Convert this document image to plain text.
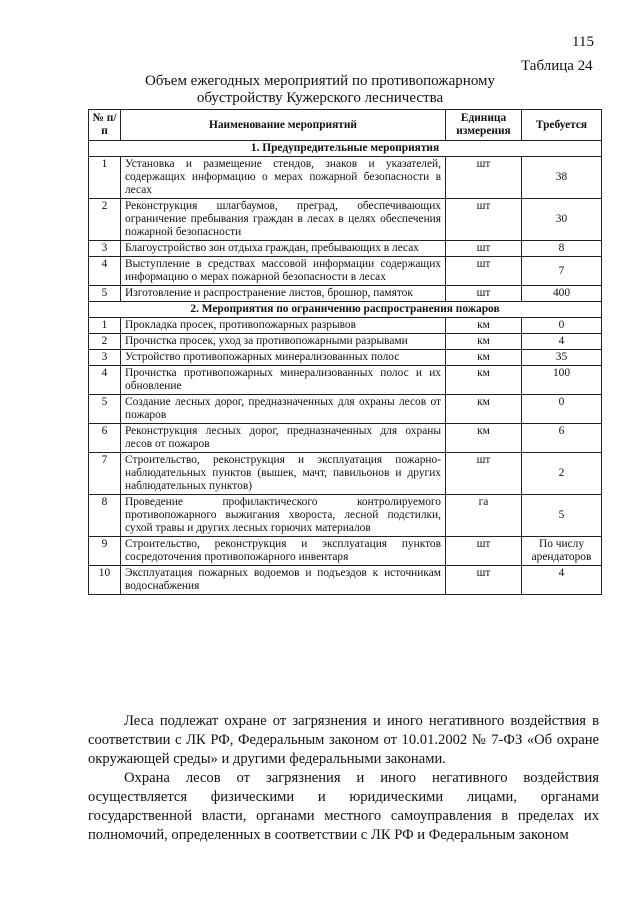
115
Таблица 24
Объем ежегодных мероприятий по противопожарному
обустройству Кужерского лесничества
№ п/п	Наименование мероприятий	Единица измерения	Требуется
1. Предупредительные мероприятия			
1	Установка и размещение стендов, знаков и указателей, содержащих информацию о мерах пожарной безопасности в лесах	шт	38
2	Реконструкция шлагбаумов, преград, обеспечивающих ограничение пребывания граждан в лесах в целях обеспечения пожарной безопасности	шт	30
3	Благоустройство зон отдыха граждан, пребывающих в лесах	шт	8
4	Выступление в средствах массовой информации содержащих информацию о мерах пожарной безопасности в лесах	шт	7
5	Изготовление и распространение листов, брошюр, памяток	шт	400
2. Мероприятия по ограничению распространения пожаров			
1	Прокладка просек, противопожарных разрывов	км	0
2	Прочистка просек, уход за противопожарными разрывами	км	4
3	Устройство противопожарных минерализованных полос	км	35
4	Прочистка противопожарных минерализованных полос и их обновление	км	100
5	Создание лесных дорог, предназначенных для охраны лесов от пожаров	км	0
6	Реконструкция лесных дорог, предназначенных для охраны лесов от пожаров	км	6
7	Строительство, реконструкция и эксплуатация пожарно-наблюдательных пунктов (вышек, мачт, павильонов и других наблюдательных пунктов)	шт	2
8	Проведение профилактического контролируемого противопожарного выжигания хвороста, лесной подстилки, сухой травы и других лесных горючих материалов	га	5
9	Строительство, реконструкция и эксплуатация пунктов сосредоточения противопожарного инвентаря	шт	По числу арендаторов
10	Эксплуатация пожарных водоемов и подъездов к источникам водоснабжения	шт	4

Леса подлежат охране от загрязнения и иного негативного воздействия в соответствии с ЛК РФ, Федеральным законом от 10.01.2002 № 7-ФЗ «Об охране окружающей среды» и другими федеральными законами.

Охрана лесов от загрязнения и иного негативного воздействия осуществляется физическими и юридическими лицами, органами государственной власти, органами местного самоуправления в пределах их полномочий, определенных в соответствии с ЛК РФ и Федеральным законом
